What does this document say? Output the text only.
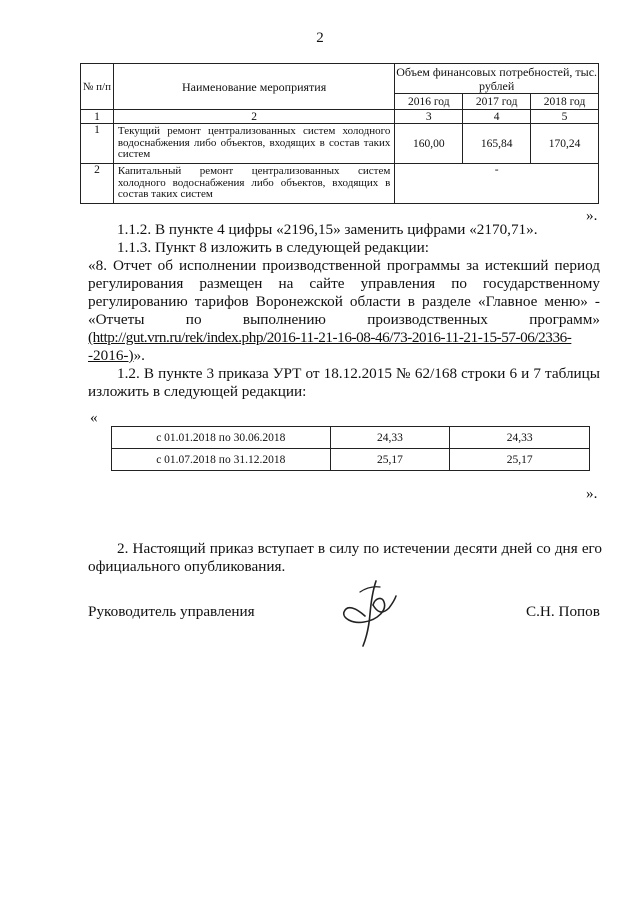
2
№ п/п	Наименование мероприятия	Объем финансовых потребностей, тыс. рублей		
		2016 год	2017 год	2018 год
1	2	3	4	5
1	Текущий ремонт централизованных систем холодного водоснабжения либо объектов, входящих в состав таких систем	160,00	165,84	170,24
2	Капитальный ремонт централизованных систем холодного водоснабжения либо объектов, входящих в состав таких систем	-		
».
1.1.2. В пункте 4 цифры «2196,15» заменить цифрами «2170,71».
1.1.3. Пункт 8 изложить в следующей редакции:
«8. Отчет об исполнении производственной программы за истекший период
регулирования размещен на сайте управления по государственному
регулированию тарифов Воронежской области в разделе «Главное меню» -
«Отчеты по выполнению производственных программ»
(http://gut.vrn.ru/rek/index.php/2016-11-21-16-08-46/73-2016-11-21-15-57-06/2336-
-2016-)».
1.2. В пункте 3 приказа УРТ от 18.12.2015 № 62/168 строки 6 и 7 таблицы
изложить в следующей редакции:
«
с 01.01.2018 по 30.06.2018	24,33	24,33
с 01.07.2018 по 31.12.2018	25,17	25,17
».
2. Настоящий приказ вступает в силу по истечении десяти дней со дня его
официального опубликования.
Руководитель управления	С.Н. Попов
